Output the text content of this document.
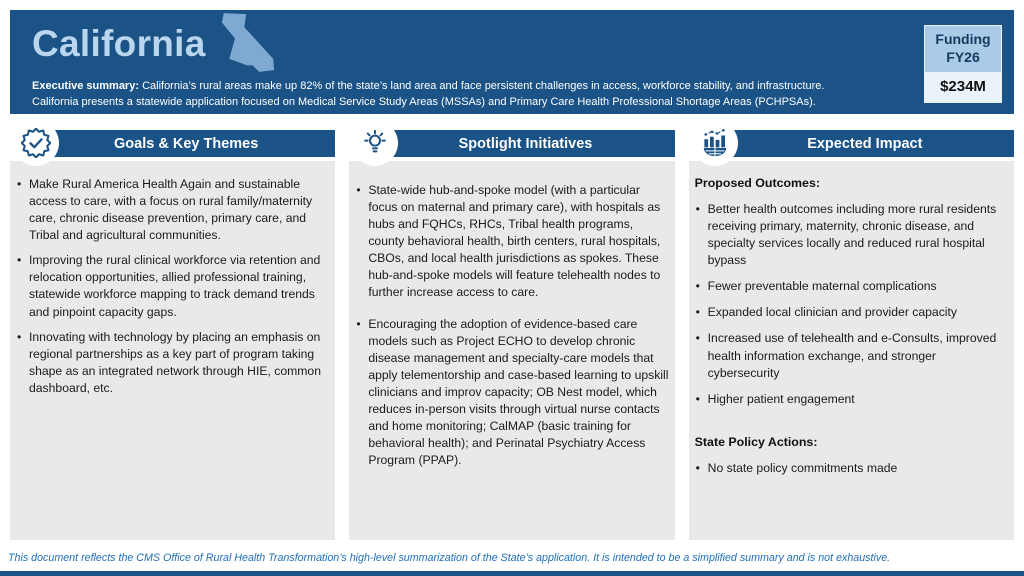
California

Executive summary: California’s rural areas make up 82% of the state’s land area and face persistent challenges in access, workforce stability, and infrastructure.
California presents a statewide application focused on Medical Service Study Areas (MSSAs) and Primary Care Health Professional Shortage Areas (PCHPSAs).

Funding
FY26
$234M
Goals & Key Themes
• Make Rural America Health Again and sustainable access to care, with a focus on rural family/maternity care, chronic disease prevention, primary care, and Tribal and agricultural communities.
• Improving the rural clinical workforce via retention and relocation opportunities, allied professional training, statewide workforce mapping to track demand trends and pinpoint capacity gaps.
• Innovating with technology by placing an emphasis on regional partnerships as a key part of program taking shape as an integrated network through HIE, common dashboard, etc.
Spotlight Initiatives
• State-wide hub-and-spoke model (with a particular focus on maternal and primary care), with hospitals as hubs and FQHCs, RHCs, Tribal health programs, county behavioral health, birth centers, rural hospitals, CBOs, and local health jurisdictions as spokes. These hub-and-spoke models will feature telehealth nodes to further increase access to care.
• Encouraging the adoption of evidence-based care models such as Project ECHO to develop chronic disease management and specialty-care models that apply telementorship and case-based learning to upskill clinicians and improv capacity; OB Nest model, which reduces in-person visits through virtual nurse contacts and home monitoring; CalMAP (basic training for behavioral health); and Perinatal Psychiatry Access Program (PPAP).
Expected Impact
Proposed Outcomes:
• Better health outcomes including more rural residents receiving primary, maternity, chronic disease, and specialty services locally and reduced rural hospital bypass
• Fewer preventable maternal complications
• Expanded local clinician and provider capacity
• Increased use of telehealth and e-Consults, improved health information exchange, and stronger cybersecurity
• Higher patient engagement
State Policy Actions:
• No state policy commitments made
This document reflects the CMS Office of Rural Health Transformation’s high-level summarization of the State’s application. It is intended to be a simplified summary and is not exhaustive.
